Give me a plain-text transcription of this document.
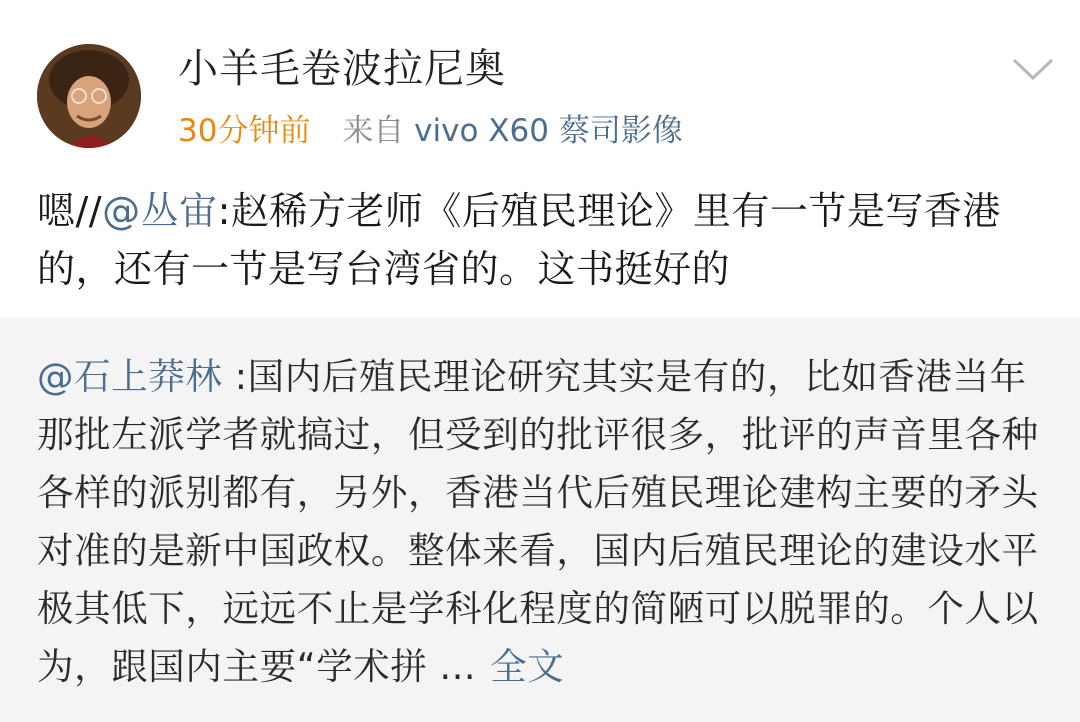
小羊毛卷波拉尼奥
30分钟前 来自 vivo X60 蔡司影像
嗯//@丛宙:赵稀方老师《后殖民理论》里有一节是写香港的，还有一节是写台湾省的。这书挺好的
@石上莽林 :国内后殖民理论研究其实是有的，比如香港当年那批左派学者就搞过，但受到的批评很多，批评的声音里各种各样的派别都有，另外，香港当代后殖民理论建构主要的矛头对准的是新中国政权。整体来看，国内后殖民理论的建设水平极其低下，远远不止是学科化程度的简陋可以脱罪的。个人以为，跟国内主要“学术拼 ... 全文
